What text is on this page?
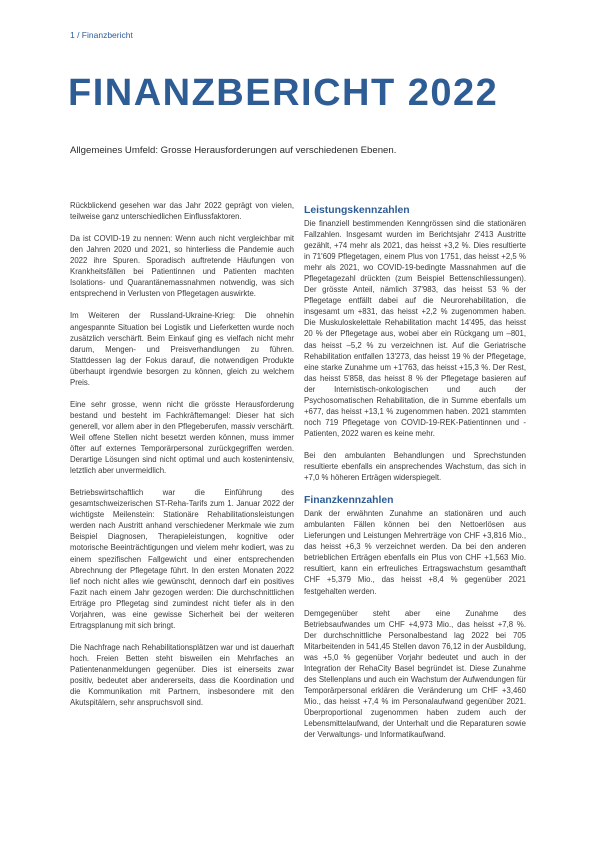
1 / Finanzbericht
FINANZBERICHT 2022

Allgemeines Umfeld: Grosse Herausforderungen auf verschiedenen Ebenen.

Rückblickend gesehen war das Jahr 2022 geprägt von vielen, teilweise ganz unterschiedlichen Einflussfaktoren.

Da ist COVID-19 zu nennen: Wenn auch nicht vergleichbar mit den Jahren 2020 und 2021, so hinterliess die Pandemie auch 2022 ihre Spuren. Sporadisch auftretende Häufungen von Krankheitsfällen bei Patientinnen und Patienten machten Isolations- und Quarantänemassnahmen notwendig, was sich entsprechend in Verlusten von Pflegetagen auswirkte.

Im Weiteren der Russland-Ukraine-Krieg: Die ohnehin angespannte Situation bei Logistik und Lieferketten wurde noch zusätzlich verschärft. Beim Einkauf ging es vielfach nicht mehr darum, Mengen- und Preisverhandlungen zu führen. Stattdessen lag der Fokus darauf, die notwendigen Produkte überhaupt irgendwie besorgen zu können, gleich zu welchem Preis.

Eine sehr grosse, wenn nicht die grösste Herausforderung bestand und besteht im Fachkräftemangel: Dieser hat sich generell, vor allem aber in den Pflegeberufen, massiv verschärft. Weil offene Stellen nicht besetzt werden können, muss immer öfter auf externes Temporärpersonal zurückgegriffen werden. Derartige Lösungen sind nicht optimal und auch kostenintensiv, letztlich aber unvermeidlich.

Betriebswirtschaftlich war die Einführung des gesamtschweizerischen ST-Reha-Tarifs zum 1. Januar 2022 der wichtigste Meilenstein: Stationäre Rehabilitationsleistungen werden nach Austritt anhand verschiedener Merkmale wie zum Beispiel Diagnosen, Therapieleistungen, kognitive oder motorische Beeinträchtigungen und vielem mehr kodiert, was zu einem spezifischen Fallgewicht und einer entsprechenden Abrechnung der Pflegetage führt. In den ersten Monaten 2022 lief noch nicht alles wie gewünscht, dennoch darf ein positives Fazit nach einem Jahr gezogen werden: Die durchschnittlichen Erträge pro Pflegetag sind zumindest nicht tiefer als in den Vorjahren, was eine gewisse Sicherheit bei der weiteren Ertragsplanung mit sich bringt.

Die Nachfrage nach Rehabilitationsplätzen war und ist dauerhaft hoch. Freien Betten steht bisweilen ein Mehrfaches an Patientenanmeldungen gegenüber. Dies ist einerseits zwar positiv, bedeutet aber andererseits, dass die Koordination und die Kommunikation mit Partnern, insbesondere mit den Akutspitälern, sehr anspruchsvoll sind.

Leistungskennzahlen

Die finanziell bestimmenden Kenngrössen sind die stationären Fallzahlen. Insgesamt wurden im Berichtsjahr 2'413 Austritte gezählt, +74 mehr als 2021, das heisst +3,2 %. Dies resultierte in 71'609 Pflegetagen, einem Plus von 1'751, das heisst +2,5 % mehr als 2021, wo COVID-19-bedingte Massnahmen auf die Pflegetagezahl drückten (zum Beispiel Bettenschliessungen). Der grösste Anteil, nämlich 37'983, das heisst 53 % der Pflegetage entfällt dabei auf die Neurorehabilitation, die insgesamt um +831, das heisst +2,2 % zugenommen haben. Die Muskuloskelettale Rehabilitation macht 14'495, das heisst 20 % der Pflegetage aus, wobei aber ein Rückgang um –801, das heisst –5,2 % zu verzeichnen ist. Auf die Geriatrische Rehabilitation entfallen 13'273, das heisst 19 % der Pflegetage, eine starke Zunahme um +1'763, das heisst +15,3 %. Der Rest, das heisst 5'858, das heisst 8 % der Pflegetage basieren auf der Internistisch-onkologischen und auch der Psychosomatischen Rehabilitation, die in Summe ebenfalls um +677, das heisst +13,1 % zugenommen haben. 2021 stammten noch 719 Pflegetage von COVID-19-REK-Patientinnen und -Patienten, 2022 waren es keine mehr.

Bei den ambulanten Behandlungen und Sprechstunden resultierte ebenfalls ein ansprechendes Wachstum, das sich in +7,0 % höheren Erträgen widerspiegelt.

Finanzkennzahlen

Dank der erwähnten Zunahme an stationären und auch ambulanten Fällen können bei den Nettoerlösen aus Lieferungen und Leistungen Mehrerträge von CHF +3,816 Mio., das heisst +6,3 % verzeichnet werden. Da bei den anderen betrieblichen Erträgen ebenfalls ein Plus von CHF +1,563 Mio. resultiert, kann ein erfreuliches Ertragswachstum gesamthaft CHF +5,379 Mio., das heisst +8,4 % gegenüber 2021 festgehalten werden.

Demgegenüber steht aber eine Zunahme des Betriebsaufwandes um CHF +4,973 Mio., das heisst +7,8 %. Der durchschnittliche Personalbestand lag 2022 bei 705 Mitarbeitenden in 541,45 Stellen davon 76,12 in der Ausbildung, was +5,0 % gegenüber Vorjahr bedeutet und auch in der Integration der RehaCity Basel begründet ist. Diese Zunahme des Stellenplans und auch ein Wachstum der Aufwendungen für Temporärpersonal erklären die Veränderung um CHF +3,460 Mio., das heisst +7,4 % im Personalaufwand gegenüber 2021. Überproportional zugenommen haben zudem auch der Lebensmittelaufwand, der Unterhalt und die Reparaturen sowie der Verwaltungs- und Informatikaufwand.
